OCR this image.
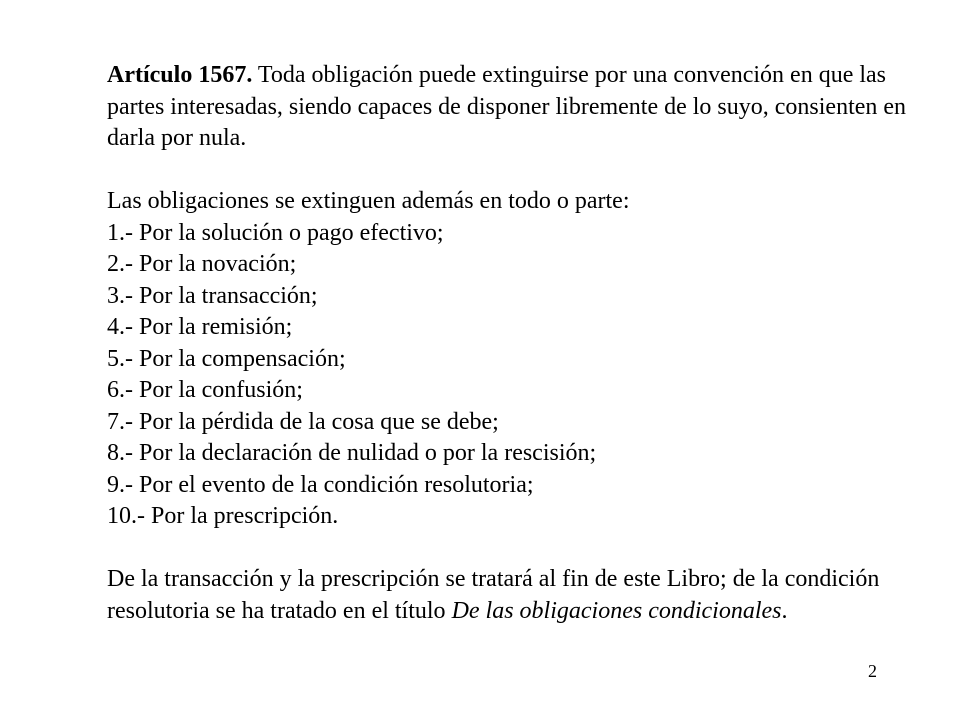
Artículo 1567. Toda obligación puede extinguirse por una convención en que las partes interesadas, siendo capaces de disponer libremente de lo suyo, consienten en darla por nula.

Las obligaciones se extinguen además en todo o parte:

1.- Por la solución o pago efectivo;
2.- Por la novación;
3.- Por la transacción;
4.- Por la remisión;
5.- Por la compensación;
6.- Por la confusión;
7.- Por la pérdida de la cosa que se debe;
8.- Por la declaración de nulidad o por la rescisión;
9.- Por el evento de la condición resolutoria;
10.- Por la prescripción.

De la transacción y la prescripción se tratará al fin de este Libro; de la condición resolutoria se ha tratado en el título De las obligaciones condicionales.

2
